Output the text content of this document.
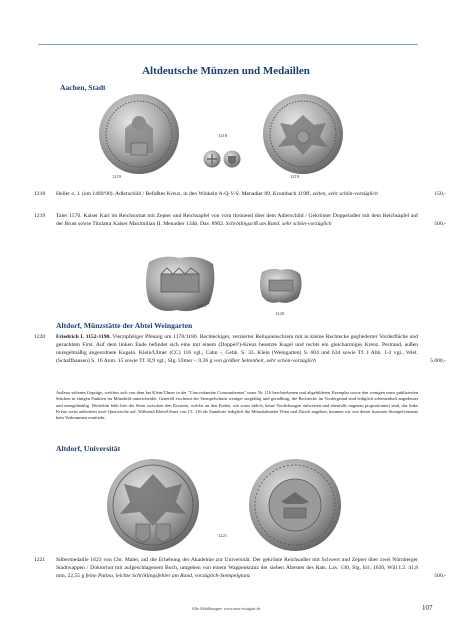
Altdeutsche Münzen und Medaillen
Aachen, Stadt
1219	1219
1218
1218 Heller o. J. (um 1489/90). Adlerschild / Befußtes Kreuz, in den Winkeln A-Q-V-S. Menadier 89. Krumbach 119ff. selten, sehr schön-vorzüglich	150,-
1219 Taler 1570. Kaiser Karl im Reichsornat mit Zepter und Reichsapfel von vorn thronend über dem Adlerschild / Gekrönter Doppeladler mit dem Reichsapfel auf der Brust sowie Titulatur Kaiser Maximilian II. Menadier 134b, Dav. 8902. Schrötlingsriß am Rand, sehr schön-vorzüglich	500,-
1,5:1
1220
Altdorf, Münzstätte der Abtei Weingarten
1220 Friedrich I. 1152-1190. Vierzipfeliger Pfennig um 1170/1180. Rechteckiger, verzierter Reliquienschrein mit in kleine Rechtecke gegliederter Vorderfläche und gezacktem First. Auf dem linken Ende befindet sich eine mit einem (Doppel?)-Kreuz besetzte Kugel und rechts ein gleicharmiges Kreuz. Perlrand, außen unregelmäßig angeordnete Kugeln. Klein/Ulmer (CC) 116 vgl., Cahn -, Gebh. S. 33. Klein (Weingarten) S. 604 und 634 sowie Tf. I Abb. 1-2 vgl., Wiel. (Schaffhausen) S. 16 Anm. 15 sowie Tf. II,9 vgl., Slg. Ulmer -. 0,36 g von größter Seltenheit, sehr schön-vorzüglich	5.000,-
Äußerst seltenes Gepräge, welches sich von dem bei Klein/Ulmer in der "Concordantiae Constantienses" unter Nr. 116 beschriebenen und abgebildeten Exemplar sowie den wenigen sonst publizierten Stücken in einigen Punkten im Münzbild unterscheidet. Generell erscheint der Stempelschnitt weniger sorgfältig und geradlinig, die Rechtecke im Vordergrund sind lediglich schemenhaft angedeutet und unregelmäßig. Weiterhin fehlt hier der Stern zwischen den Kreuzen, welche an den Enden, wie sonst üblich, keine Verdickungen aufweisen und ebenfalls ungenau proportioniert sind, das linke Kreuz weist außerdem zwei Querstriche auf. Während Klein/Ulmer von CC 116 als Standorte lediglich die Münzkabinette Wien und Zürich angeben, konnten wir von dieser kuriosen Stempelvariante kein Vorkommen ermitteln.
Altdorf, Universität
1221
1221 Silbermedaille 1623 von Chr. Maler, auf die Erhebung der Akademie zur Universität. Der gekrönte Reichsadler mit Schwert und Zepter über zwei Nürnberger Stadtwappen / Doktorhut mit aufgeschlagenem Buch, umgeben von einem Wappenkranz der sieben Ältesten des Rats. Lav. 130, Slg. Erl. 1630, Will I.2. 41,8 mm, 22,55 g feine Patina, leichte Schrötlingsfehler am Rand, vorzüglich-Stempelglanz	500,-
Alle Abbildungen: www.ams-stuttgart.de	107
